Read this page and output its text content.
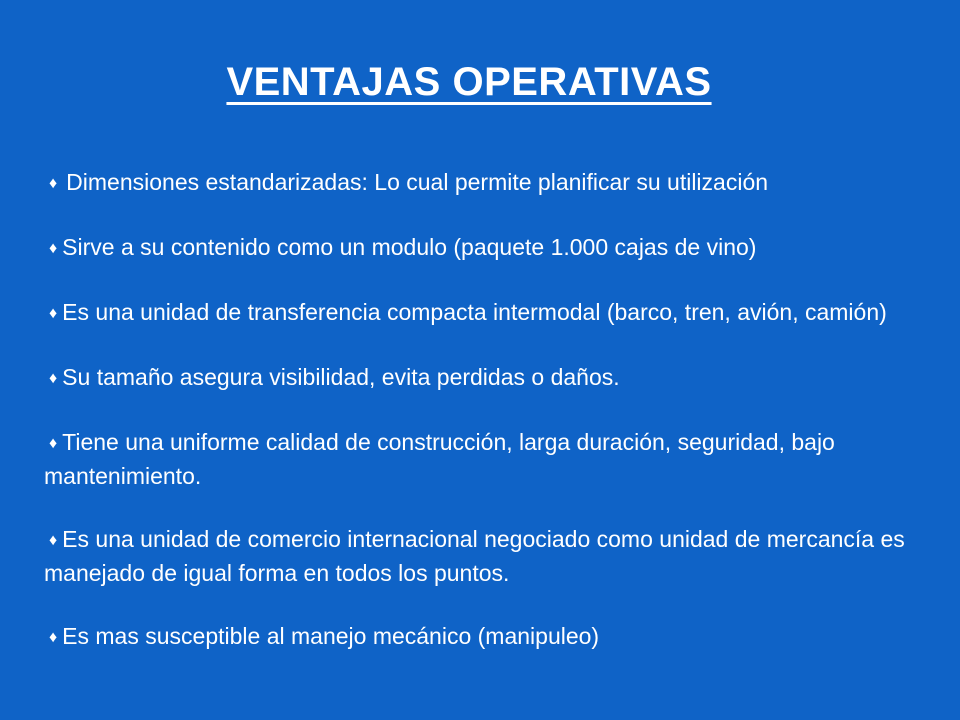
VENTAJAS OPERATIVAS
♦ Dimensiones estandarizadas: Lo cual permite planificar su utilización
♦ Sirve a su contenido como un modulo (paquete 1.000 cajas de vino)
♦ Es una unidad de transferencia compacta intermodal (barco, tren, avión, camión)
♦ Su tamaño asegura visibilidad, evita perdidas o daños.
♦ Tiene una uniforme calidad de construcción, larga duración, seguridad, bajo mantenimiento.
♦ Es una unidad de comercio internacional negociado como unidad de mercancía es manejado de igual forma en todos los puntos.
♦ Es mas susceptible al manejo mecánico (manipuleo)
